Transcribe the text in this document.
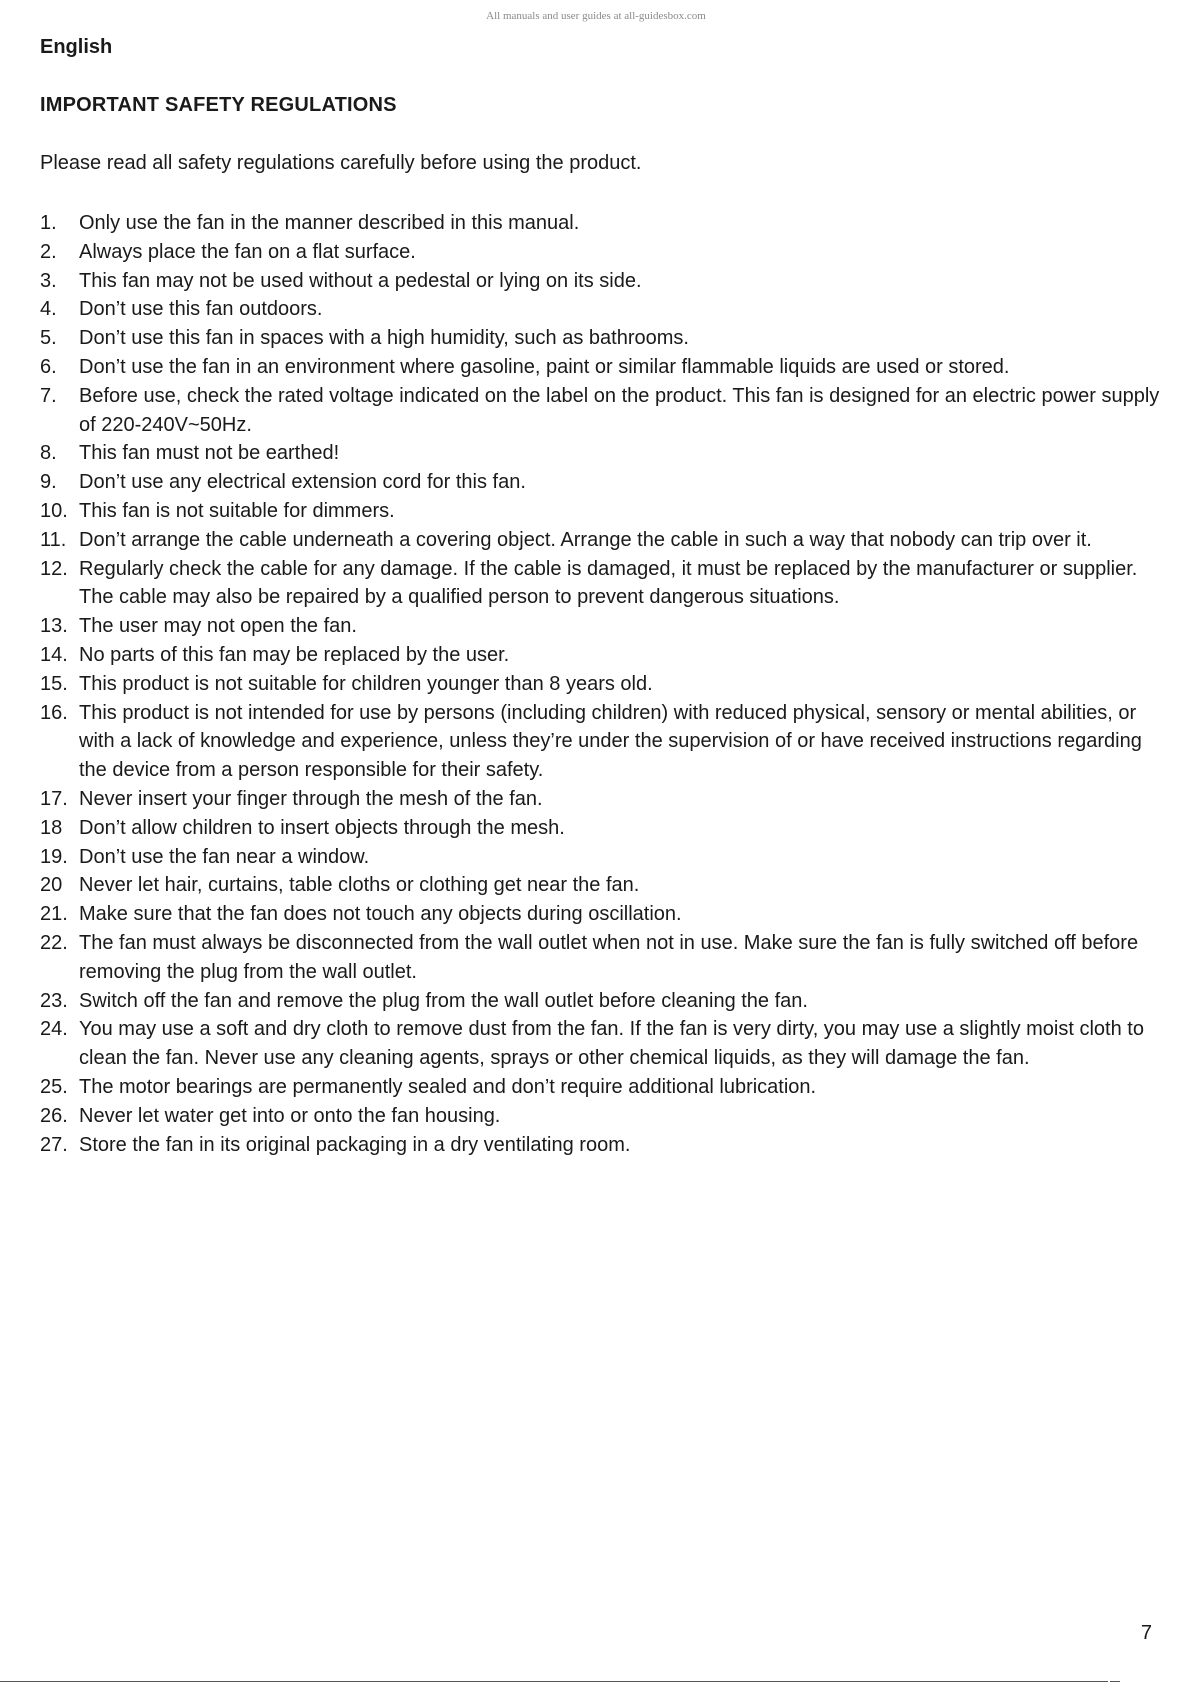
All manuals and user guides at all-guidesbox.com
English
IMPORTANT SAFETY REGULATIONS

Please read all safety regulations carefully before using the product.

1.	Only use the fan in the manner described in this manual.
2.	Always place the fan on a flat surface.
3.	This fan may not be used without a pedestal or lying on its side.
4.	Don’t use this fan outdoors.
5.	Don’t use this fan in spaces with a high humidity, such as bathrooms.
6.	Don’t use the fan in an environment where gasoline, paint or similar flammable liquids are used or stored.
7.	Before use, check the rated voltage indicated on the label on the product. This fan is designed for an electric power supply of 220-240V~50Hz.
8.	This fan must not be earthed!
9.	Don’t use any electrical extension cord for this fan.
10. This fan is not suitable for dimmers.
11. Don’t arrange the cable underneath a covering object. Arrange the cable in such a way that nobody can trip over it.
12. Regularly check the cable for any damage. If the cable is damaged, it must be replaced by the manufacturer or supplier. The cable may also be repaired by a qualified person to prevent dangerous situations.
13. The user may not open the fan.
14. No parts of this fan may be replaced by the user.
15. This product is not suitable for children younger than 8 years old.
16. This product is not intended for use by persons (including children) with reduced physical, sensory or mental abilities, or with a lack of knowledge and experience, unless they’re under the supervision of or have received instructions regarding the device from a person responsible for their safety.
17. Never insert your finger through the mesh of the fan.
18 Don’t allow children to insert objects through the mesh.
19. Don’t use the fan near a window.
20 Never let hair, curtains, table cloths or clothing get near the fan.
21. Make sure that the fan does not touch any objects during oscillation.
22. The fan must always be disconnected from the wall outlet when not in use. Make sure the fan is fully switched off before removing the plug from the wall outlet.
23. Switch off the fan and remove the plug from the wall outlet before cleaning the fan.
24. You may use a soft and dry cloth to remove dust from the fan. If the fan is very dirty, you may use a slightly moist cloth to clean the fan. Never use any cleaning agents, sprays or other chemical liquids, as they will damage the fan.
25. The motor bearings are permanently sealed and don’t require additional lubrication.
26. Never let water get into or onto the fan housing.
27. Store the fan in its original packaging in a dry ventilating room.
7
